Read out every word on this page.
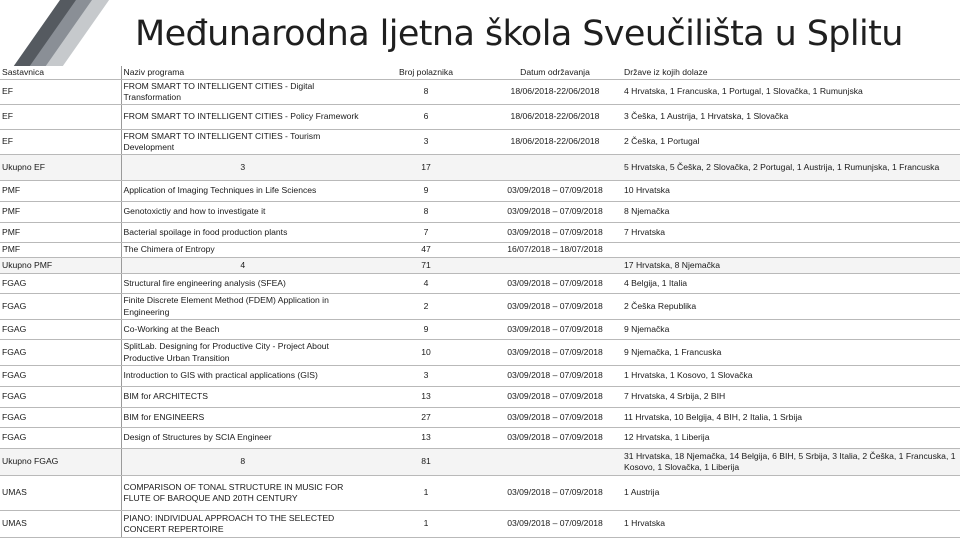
Međunarodna ljetna škola Sveučilišta u Splitu
Sastavnica	Naziv programa	Broj polaznika	Datum održavanja	Države iz kojih dolaze
EF	FROM SMART TO INTELLIGENT CITIES - Digital Transformation	8	18/06/2018-22/06/2018	4 Hrvatska, 1 Francuska, 1 Portugal, 1 Slovačka, 1 Rumunjska
EF	FROM SMART TO INTELLIGENT CITIES - Policy Framework	6	18/06/2018-22/06/2018	3 Češka, 1 Austrija, 1 Hrvatska, 1 Slovačka
EF	FROM SMART TO INTELLIGENT CITIES - Tourism Development	3	18/06/2018-22/06/2018	2 Češka, 1 Portugal
Ukupno EF	3	17		5 Hrvatska, 5 Češka, 2 Slovačka, 2 Portugal, 1 Austrija, 1 Rumunjska, 1 Francuska
PMF	Application of Imaging Techniques in Life Sciences	9	03/09/2018 – 07/09/2018	10 Hrvatska
PMF	Genotoxictiy and how to investigate it	8	03/09/2018 – 07/09/2018	8 Njemačka
PMF	Bacterial spoilage in food production plants	7	03/09/2018 – 07/09/2018	7 Hrvatska
PMF	The Chimera of Entropy	47	16/07/2018 – 18/07/2018	
Ukupno PMF	4	71		17 Hrvatska, 8 Njemačka
FGAG	Structural fire engineering analysis (SFEA)	4	03/09/2018 – 07/09/2018	4 Belgija, 1 Italia
FGAG	Finite Discrete Element Method (FDEM) Application in Engineering	2	03/09/2018 – 07/09/2018	2 Češka Republika
FGAG	Co-Working at the Beach	9	03/09/2018 – 07/09/2018	9 Njemačka
FGAG	SplitLab. Designing for Productive City - Project About Productive Urban Transition	10	03/09/2018 – 07/09/2018	9 Njemačka, 1 Francuska
FGAG	Introduction to GIS with practical applications (GIS)	3	03/09/2018 – 07/09/2018	1 Hrvatska, 1 Kosovo, 1 Slovačka
FGAG	BIM for ARCHITECTS	13	03/09/2018 – 07/09/2018	7 Hrvatska, 4 Srbija, 2 BIH
FGAG	BIM for ENGINEERS	27	03/09/2018 – 07/09/2018	11 Hrvatska, 10 Belgija, 4 BIH, 2 Italia, 1 Srbija
FGAG	Design of Structures by SCIA Engineer	13	03/09/2018 – 07/09/2018	12 Hrvatska, 1 Liberija
Ukupno FGAG	8	81		31 Hrvatska, 18 Njemačka, 14 Belgija, 6 BIH, 5 Srbija, 3 Italia, 2 Češka, 1 Francuska, 1 Kosovo, 1 Slovačka, 1 Liberija
UMAS	COMPARISON OF TONAL STRUCTURE IN MUSIC FOR FLUTE OF BAROQUE AND 20TH CENTURY	1	03/09/2018 – 07/09/2018	1 Austrija
UMAS	PIANO: INDIVIDUAL APPROACH TO THE SELECTED CONCERT REPERTOIRE	1	03/09/2018 – 07/09/2018	1 Hrvatska
